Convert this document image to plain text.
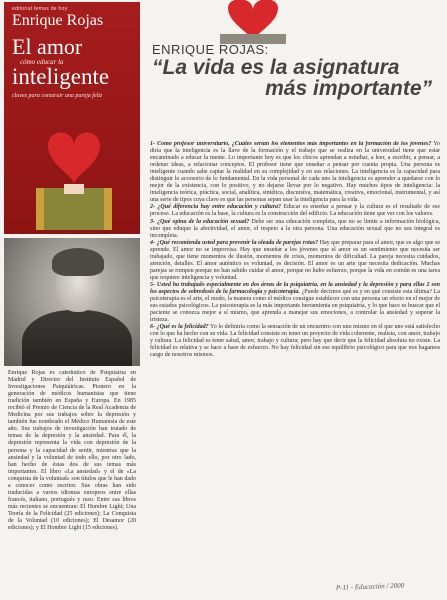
editorial temas de hoy
Enrique Rojas
El amor
cómo educar la
inteligente
claves para construir una pareja feliz
ENRIQUE ROJAS:
“La vida es la asignatura
más importante”
Enrique Rojas es catedrático de Psiquiatría en Madrid y Director del Instituto Español de Investigaciones Psiquiátricas. Pionero en la generación de médicos humanistas que tiene tradición también en España y Europa. En 1985 recibió el Premio de Ciencia de la Real Academia de Medicina por sus trabajos sobre la depresión y también fue nombrado el Médico Humanista de este año. Sus trabajos de investigación han tratado de temas de la depresión y la ansiedad. Para él, la depresión representa la vida con depresión de la persona y la capacidad de sentir, mientras que la ansiedad y la voluntad de todo ello, por otro lado, han hecho de éstas dos de sus temas más importantes. El libro «La ansiedad» y el de «La conquista de la voluntad» son títulos que le han dado a conocer como escritor. Sus obras han sido traducidas a varios idiomas europeos entre ellas francés, italiano, portugués y ruso. Entre sus libros más recientes se encuentran: El Hombre Light; Una Teoría de la Felicidad (25 ediciones); La Conquista de la Voluntad (10 ediciones); El Desamor (20 ediciones); y El Hombre Light (15 ediciones).

1- Como profesor universitario, ¿Cuáles serían los elementos más importantes en la formación de los jóvenes? Yo diría que la inteligencia es la llave de la formación y el trabajo que se realiza en la universidad tiene que estar encaminado a educar la mente. Lo importante hoy es que los chicos aprendan a estudiar, a leer, a escribir, a pensar, a ordenar ideas, a relacionar conceptos. El profesor tiene que enseñar a pensar por cuenta propia. Una persona es inteligente cuando sabe captar la realidad en su complejidad y en sus relaciones. La inteligencia es la capacidad para distinguir lo accesorio de lo fundamental. En la vida personal de cada uno la inteligencia es aprender a quedarse con lo mejor de la existencia, con lo positivo, y no dejarse llevar por lo negativo. Hay muchos tipos de inteligencia: la inteligencia teórica, práctica, social, analítica, sintética, discursiva, matemática, creativa, emocional, instrumental, y así una serie de tipos cuya clave es que las personas sepan usar la inteligencia para la vida.

2- ¿Qué diferencia hay entre educación y cultura? Educar es enseñar a pensar y la cultura es el resultado de ese proceso. La educación es la base, la cultura es la construcción del edificio. La educación tiene que ver con los valores.

3- ¿Qué opina de la educación sexual? Debe ser una educación completa, que no se limite a información biológica, sino que eduque la afectividad, el amor, el respeto a la otra persona. Una educación sexual que no sea integral es incompleta.

4- ¿Qué recomienda usted para prevenir la oleada de parejas rotas? Hay que preparar para el amor, que es algo que se aprende. El amor no se improvisa. Hay que enseñar a los jóvenes que el amor es un sentimiento que necesita ser trabajado, que tiene momentos de ilusión, momentos de crisis, momentos de dificultad. La pareja necesita cuidados, atención, detalles. El amor auténtico es voluntad, es decisión. El amor es un arte que necesita dedicación. Muchas parejas se rompen porque no han sabido cuidar el amor, porque no hubo esfuerzo, porque la vida en común es una tarea que requiere inteligencia y voluntad.

5- Usted ha trabajado especialmente en dos áreas de la psiquiatría, en la ansiedad y la depresión y para ellas 2 son los aspectos de sobredosis de la farmacología y psicoterapia. ¿Puede decirnos qué es y en qué consiste esta última? La psicoterapia es el arte, el modo, la manera como el médico consigue establecer con una persona un efecto en el mejor de sus estados psicológicos. La psicoterapia es la más importante herramienta en psiquiatría, y lo que hace es buscar que el paciente se conozca mejor a sí mismo, que aprenda a manejar sus emociones, a controlar la ansiedad y superar la tristeza.

6- ¿Qué es la felicidad? Yo lo definiría como la sensación de un encuentro con uno mismo en el que uno está satisfecho con lo que ha hecho con su vida. La felicidad consiste en tener un proyecto de vida coherente, realista, con amor, trabajo y cultura. La felicidad es tener salud, amor, trabajo y cultura; pero hay que decir que la felicidad absoluta no existe. La felicidad es relativa y se hace a base de esfuerzo. No hay felicidad sin ese equilibrio psicológico para que nos hagamos cargo de nosotros mismos.

P-11 - Educación / 2000
